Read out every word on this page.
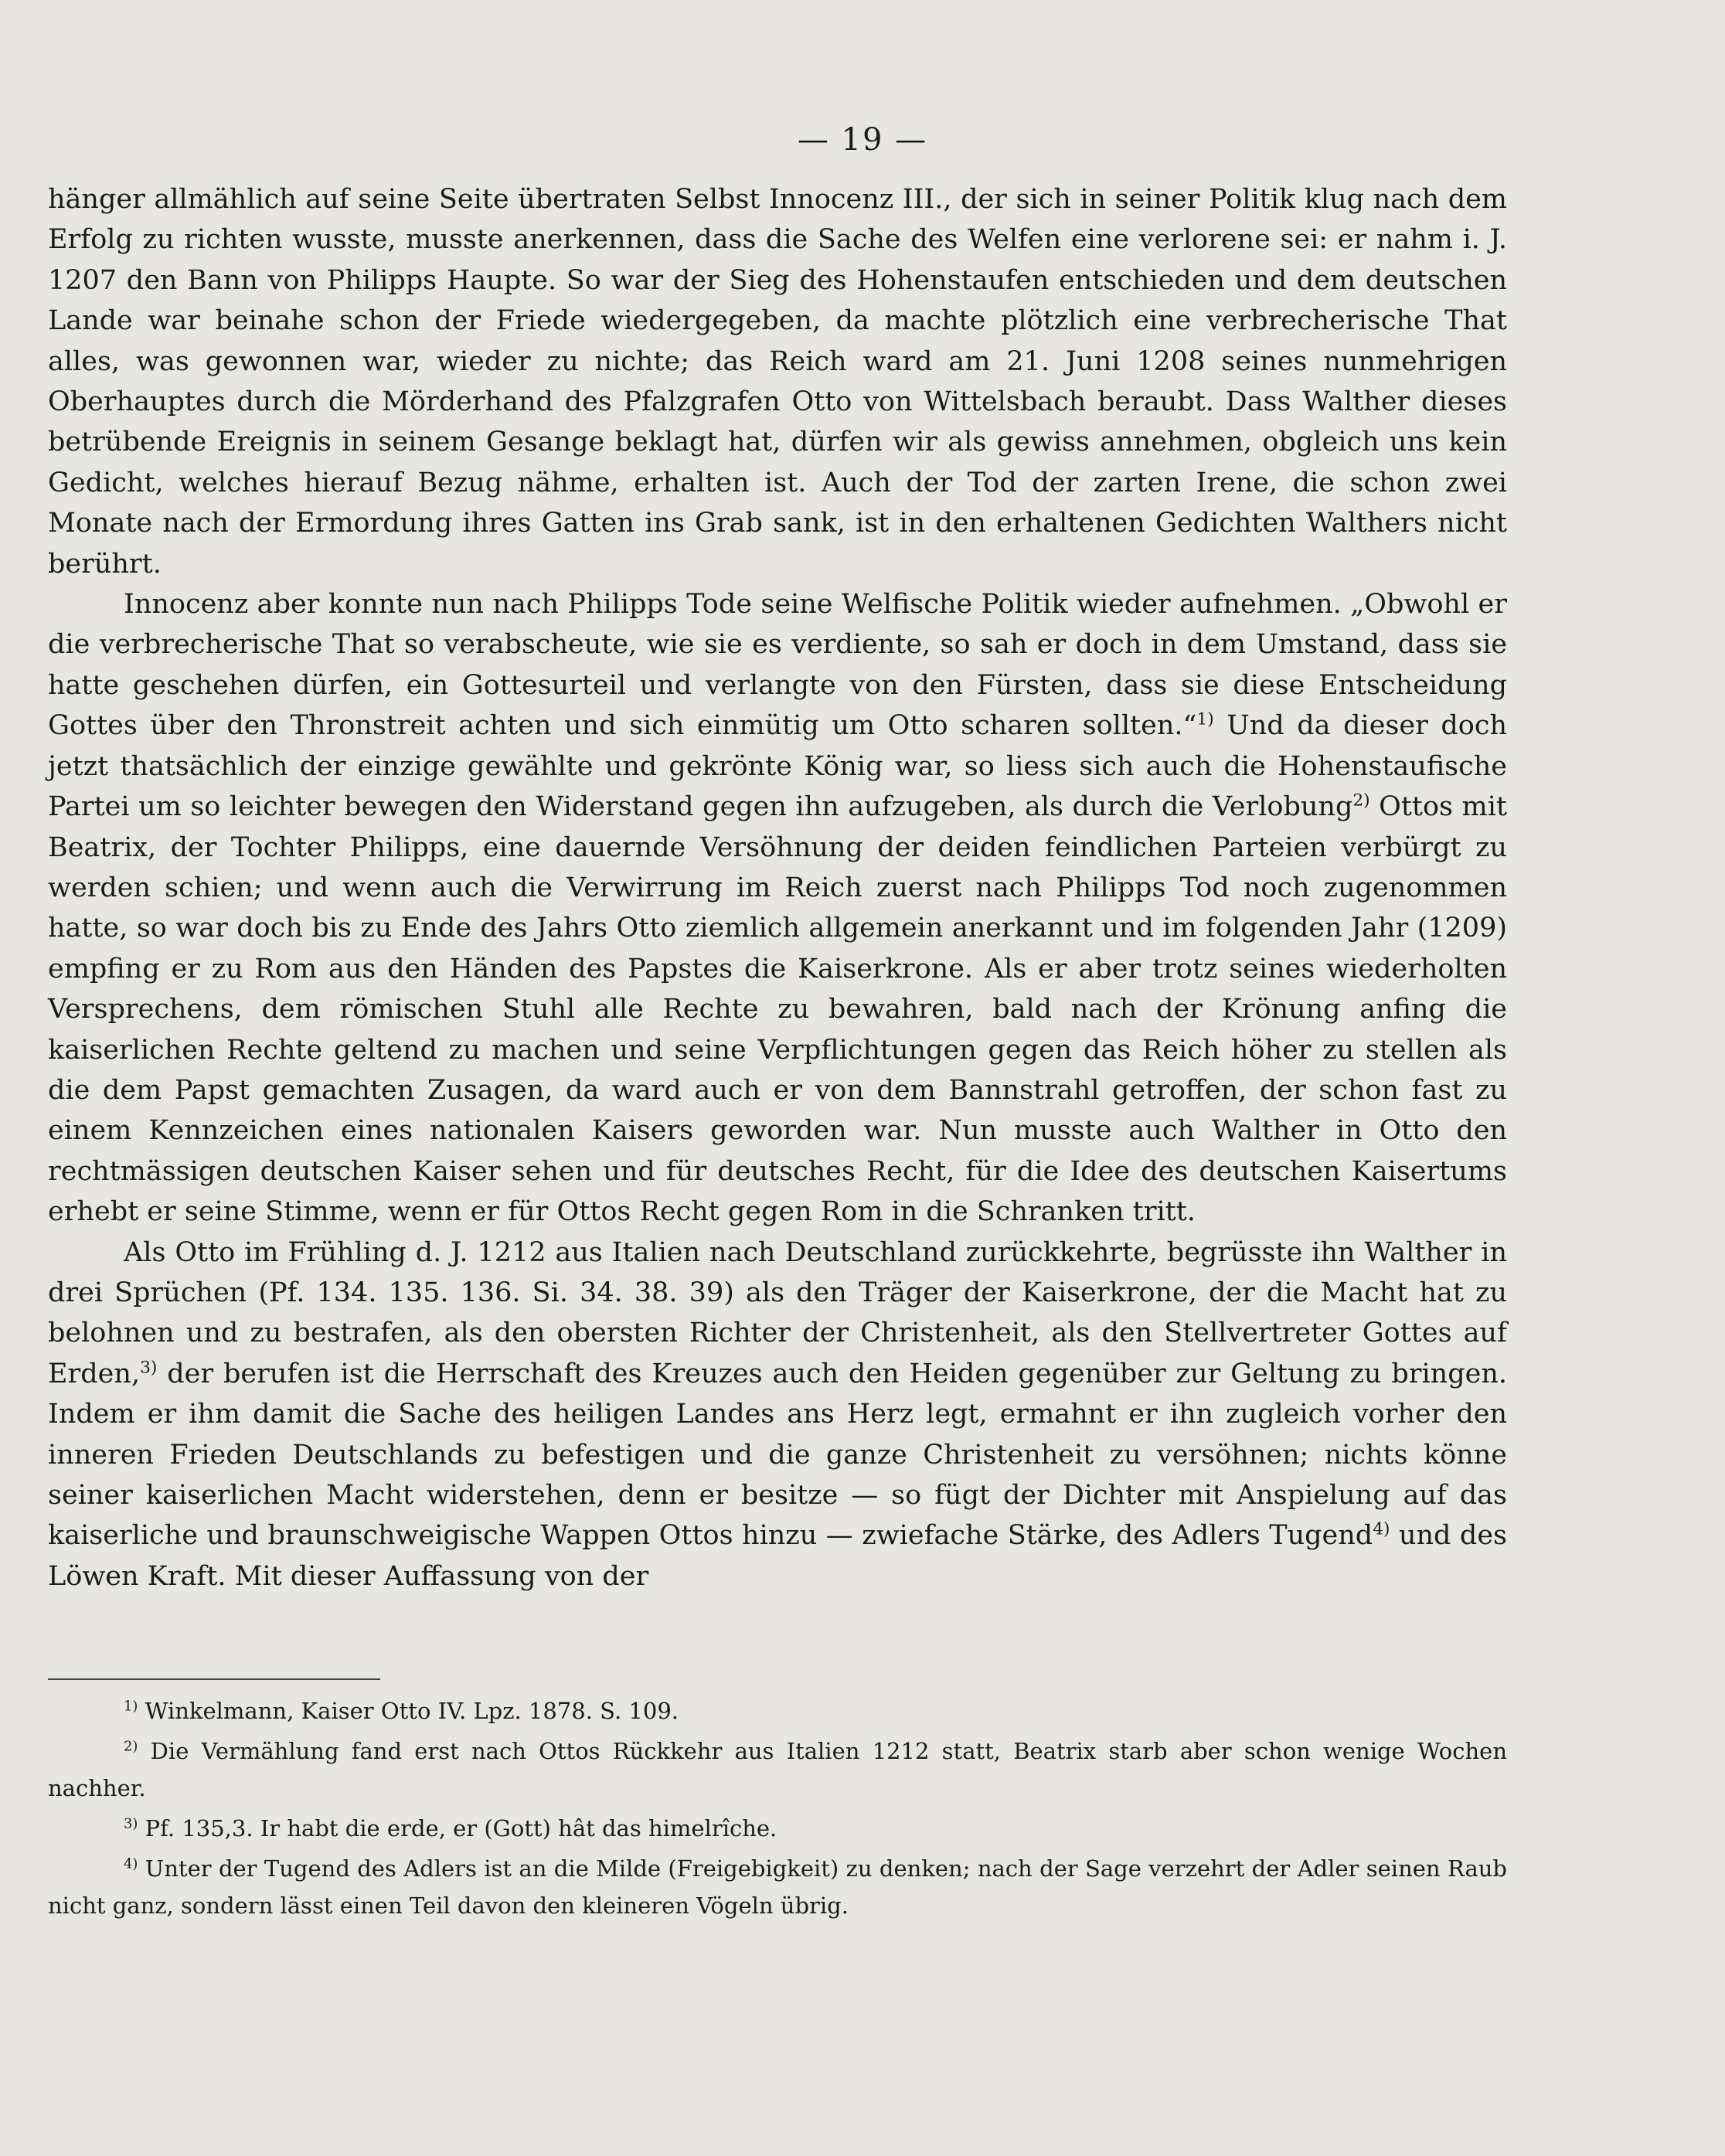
— 19 —

hänger allmählich auf seine Seite übertraten Selbst Innocenz III., der sich in seiner Politik klug nach dem Erfolg zu richten wusste, musste anerkennen, dass die Sache des Welfen eine verlorene sei: er nahm i. J. 1207 den Bann von Philipps Haupte. So war der Sieg des Hohenstaufen entschieden und dem deutschen Lande war beinahe schon der Friede wiedergegeben, da machte plötzlich eine verbrecherische That alles, was gewonnen war, wieder zu nichte; das Reich ward am 21. Juni 1208 seines nunmehrigen Oberhauptes durch die Mörderhand des Pfalzgrafen Otto von Wittelsbach beraubt. Dass Walther dieses betrübende Ereignis in seinem Gesange beklagt hat, dürfen wir als gewiss annehmen, obgleich uns kein Gedicht, welches hierauf Bezug nähme, erhalten ist. Auch der Tod der zarten Irene, die schon zwei Monate nach der Ermordung ihres Gatten ins Grab sank, ist in den erhaltenen Gedichten Walthers nicht berührt.

Innocenz aber konnte nun nach Philipps Tode seine Welfische Politik wieder aufnehmen. „Obwohl er die verbrecherische That so verabscheute, wie sie es verdiente, so sah er doch in dem Umstand, dass sie hatte geschehen dürfen, ein Gottesurteil und verlangte von den Fürsten, dass sie diese Entscheidung Gottes über den Thronstreit achten und sich einmütig um Otto scharen sollten.“$^{1)}$ Und da dieser doch jetzt thatsächlich der einzige gewählte und gekrönte König war, so liess sich auch die Hohenstaufische Partei um so leichter bewegen den Widerstand gegen ihn aufzugeben, als durch die Verlobung$^{2)}$ Ottos mit Beatrix, der Tochter Philipps, eine dauernde Versöhnung der deiden feindlichen Parteien verbürgt zu werden schien; und wenn auch die Verwirrung im Reich zuerst nach Philipps Tod noch zugenommen hatte, so war doch bis zu Ende des Jahrs Otto ziemlich allgemein anerkannt und im folgenden Jahr (1209) empfing er zu Rom aus den Händen des Papstes die Kaiserkrone. Als er aber trotz seines wiederholten Versprechens, dem römischen Stuhl alle Rechte zu bewahren, bald nach der Krönung anfing die kaiserlichen Rechte geltend zu machen und seine Verpflichtungen gegen das Reich höher zu stellen als die dem Papst gemachten Zusagen, da ward auch er von dem Bannstrahl getroffen, der schon fast zu einem Kennzeichen eines nationalen Kaisers geworden war. Nun musste auch Walther in Otto den rechtmässigen deutschen Kaiser sehen und für deutsches Recht, für die Idee des deutschen Kaisertums erhebt er seine Stimme, wenn er für Ottos Recht gegen Rom in die Schranken tritt.

Als Otto im Frühling d. J. 1212 aus Italien nach Deutschland zurückkehrte, begrüsste ihn Walther in drei Sprüchen (Pf. 134. 135. 136. Si. 34. 38. 39) als den Träger der Kaiserkrone, der die Macht hat zu belohnen und zu bestrafen, als den obersten Richter der Christenheit, als den Stellvertreter Gottes auf Erden,$^{3)}$ der berufen ist die Herrschaft des Kreuzes auch den Heiden gegenüber zur Geltung zu bringen. Indem er ihm damit die Sache des heiligen Landes ans Herz legt, ermahnt er ihn zugleich vorher den inneren Frieden Deutschlands zu befestigen und die ganze Christenheit zu versöhnen; nichts könne seiner kaiserlichen Macht widerstehen, denn er besitze — so fügt der Dichter mit Anspielung auf das kaiserliche und braunschweigische Wappen Ottos hinzu — zwiefache Stärke, des Adlers Tugend$^{4)}$ und des Löwen Kraft. Mit dieser Auffassung von der

$^{1)}$ Winkelmann, Kaiser Otto IV. Lpz. 1878. S. 109.

$^{2)}$ Die Vermählung fand erst nach Ottos Rückkehr aus Italien 1212 statt, Beatrix starb aber schon wenige Wochen nachher.

$^{3)}$ Pf. 135,3. Ir habt die erde, er (Gott) hât das himelrîche.

$^{4)}$ Unter der Tugend des Adlers ist an die Milde (Freigebigkeit) zu denken; nach der Sage verzehrt der Adler seinen Raub nicht ganz, sondern lässt einen Teil davon den kleineren Vögeln übrig.
